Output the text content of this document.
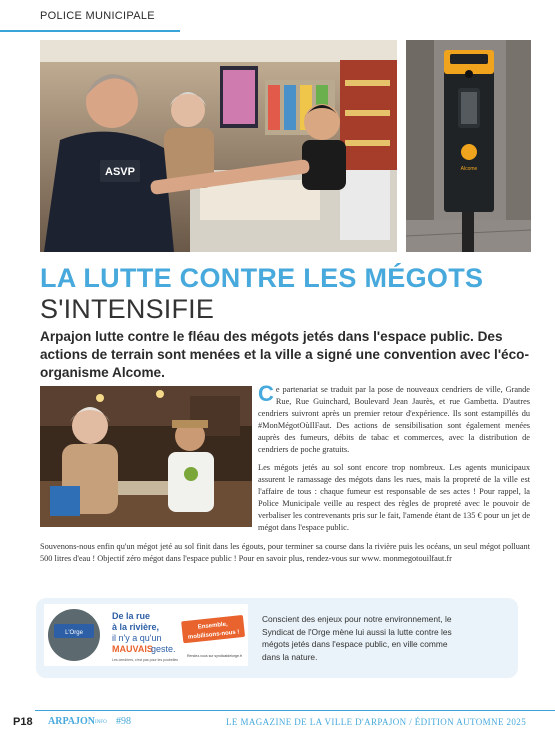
POLICE MUNICIPALE
ASVP	Alcome
LA LUTTE CONTRE LES MÉGOTS
S'INTENSIFIE
Arpajon lutte contre le fléau des mégots jetés dans l'espace public. Des actions de terrain sont menées et la ville a signé une convention avec l'éco-organisme Alcome.

Ce partenariat se traduit par la pose de nouveaux cendriers de ville, Grande Rue, Rue Guinchard, Boulevard Jean Jaurès, et rue Gambetta. D'autres cendriers suivront après un premier retour d'expérience. Ils sont estampillés du #MonMégotOùIlFaut. Des actions de sensibilisation sont également menées auprès des fumeurs, débits de tabac et commerces, avec la distribution de cendriers de poche gratuits.

Les mégots jetés au sol sont encore trop nombreux. Les agents municipaux assurent le ramassage des mégots dans les rues, mais la propreté de la ville est l'affaire de tous : chaque fumeur est responsable de ses actes ! Pour rappel, la Police Municipale veille au respect des règles de propreté avec le pouvoir de verbaliser les contrevenants pris sur le fait, l'amende étant de 135 € pour un jet de mégot dans l'espace public.

Souvenons-nous enfin qu'un mégot jeté au sol finit dans les égouts, pour terminer sa course dans la rivière puis les océans, un seul mégot polluant 500 litres d'eau ! Objectif zéro mégot dans l'espace public ! Pour en savoir plus, rendez-vous sur www. monmegotouilfaut.fr
L'Orge
De la rue
à la rivière,
il n'y a qu'un
MAUVAIS
geste.
Les cendriers, c'est pas pour les poubelles
Ensemble,
mobilisons-nous !
Rendez-vous sur syndicatdelorge.fr
Conscient des enjeux pour notre environnement, le Syndicat de l'Orge mène lui aussi la lutte contre les mégots jetés dans l'espace public, en ville comme dans la nature.
P18 ARPAJONINFO #98	LE MAGAZINE DE LA VILLE D'ARPAJON / ÉDITION AUTOMNE 2025
